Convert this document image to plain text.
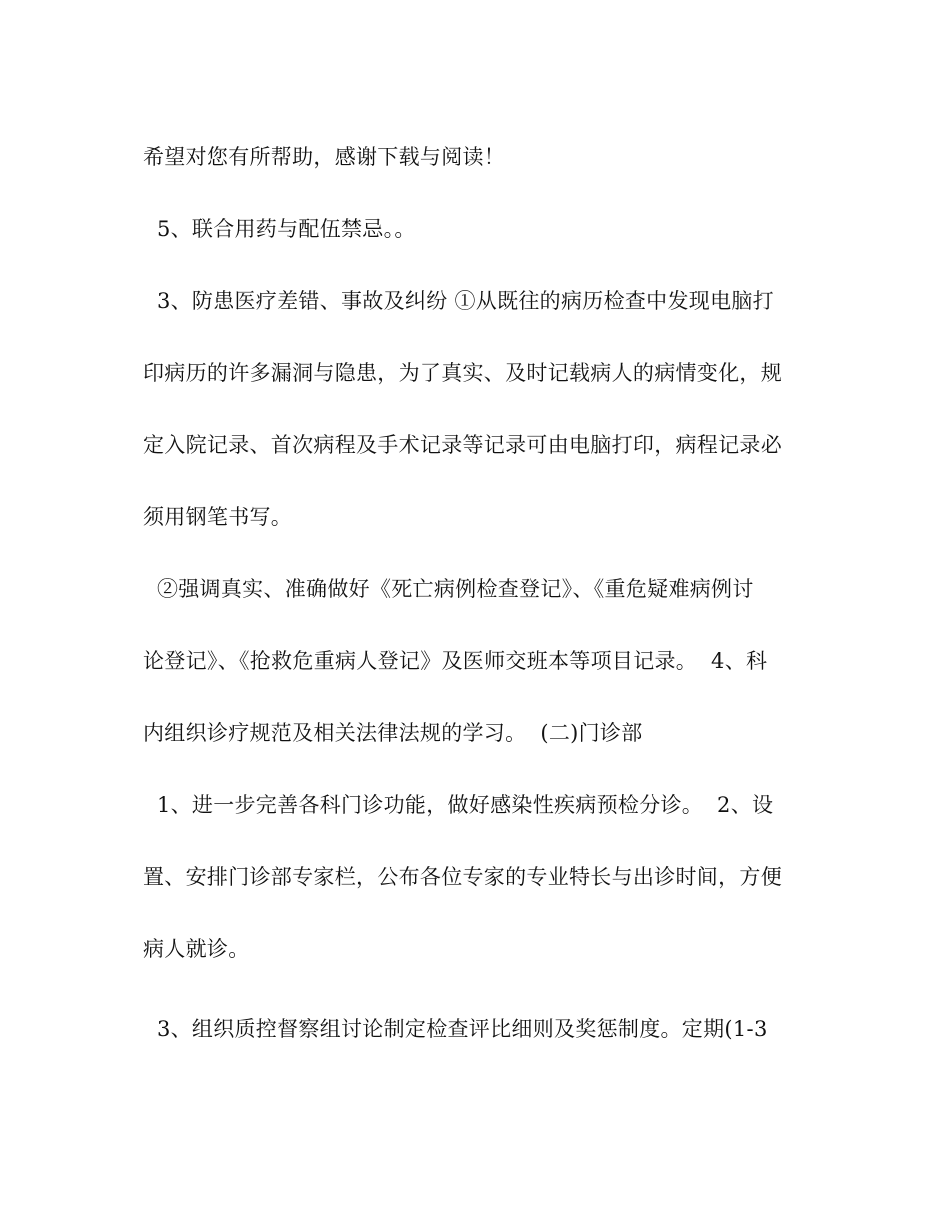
希望对您有所帮助，感谢下载与阅读！

5、联合用药与配伍禁忌。。

3、防患医疗差错、事故及纠纷 ①从既往的病历检查中发现电脑打

印病历的许多漏洞与隐患，为了真实、及时记载病人的病情变化，规

定入院记录、首次病程及手术记录等记录可由电脑打印，病程记录必

须用钢笔书写。

②强调真实、准确做好《死亡病例检查登记》、《重危疑难病例讨

论登记》、《抢救危重病人登记》及医师交班本等项目记录。  4、科

内组织诊疗规范及相关法律法规的学习。  (二)门诊部

1、进一步完善各科门诊功能，做好感染性疾病预检分诊。  2、设

置、安排门诊部专家栏，公布各位专家的专业特长与出诊时间，方便

病人就诊。

3、组织质控督察组讨论制定检查评比细则及奖惩制度。定期(1-3
